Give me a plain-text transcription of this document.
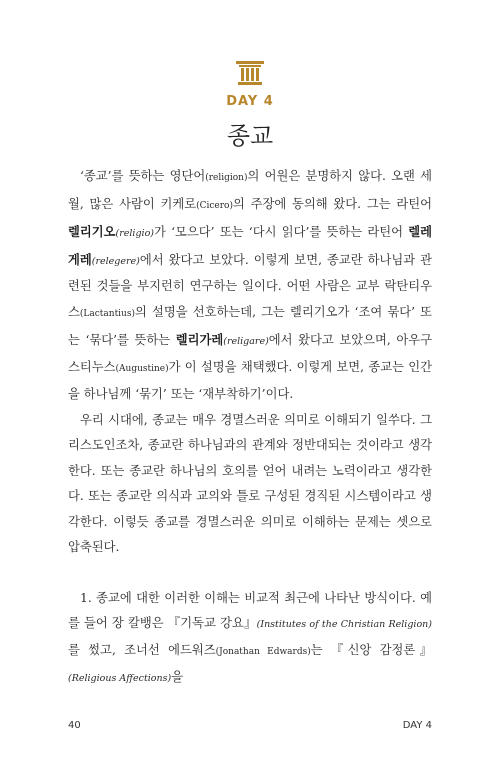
DAY 4
종교

‘종교’를 뜻하는 영단어(religion)의 어원은 분명하지 않다. 오랜 세월, 많은 사람이 키케로(Cicero)의 주장에 동의해 왔다. 그는 라틴어 렐리기오(religio)가 ‘모으다’ 또는 ‘다시 읽다’를 뜻하는 라틴어 렐레게레(relegere)에서 왔다고 보았다. 이렇게 보면, 종교란 하나님과 관련된 것들을 부지런히 연구하는 일이다. 어떤 사람은 교부 락탄티우스(Lactantius)의 설명을 선호하는데, 그는 렐리기오가 ‘조여 묶다’ 또는 ‘묶다’를 뜻하는 렐리가레(religare)에서 왔다고 보았으며, 아우구스티누스(Augustine)가 이 설명을 채택했다. 이렇게 보면, 종교는 인간을 하나님께 ‘묶기’ 또는 ‘재부착하기’이다.

우리 시대에, 종교는 매우 경멸스러운 의미로 이해되기 일쑤다. 그리스도인조차, 종교란 하나님과의 관계와 정반대되는 것이라고 생각한다. 또는 종교란 하나님의 호의를 얻어 내려는 노력이라고 생각한다. 또는 종교란 의식과 교의와 틀로 구성된 경직된 시스템이라고 생각한다. 이렇듯 종교를 경멸스러운 의미로 이해하는 문제는 셋으로 압축된다.

1. 종교에 대한 이러한 이해는 비교적 최근에 나타난 방식이다. 예를 들어 장 칼뱅은 『기독교 강요』(Institutes of the Christian Religion)를 썼고, 조너선 에드워즈(Jonathan Edwards)는 『신앙 감정론』(Religious Affections)을

40	DAY 4
